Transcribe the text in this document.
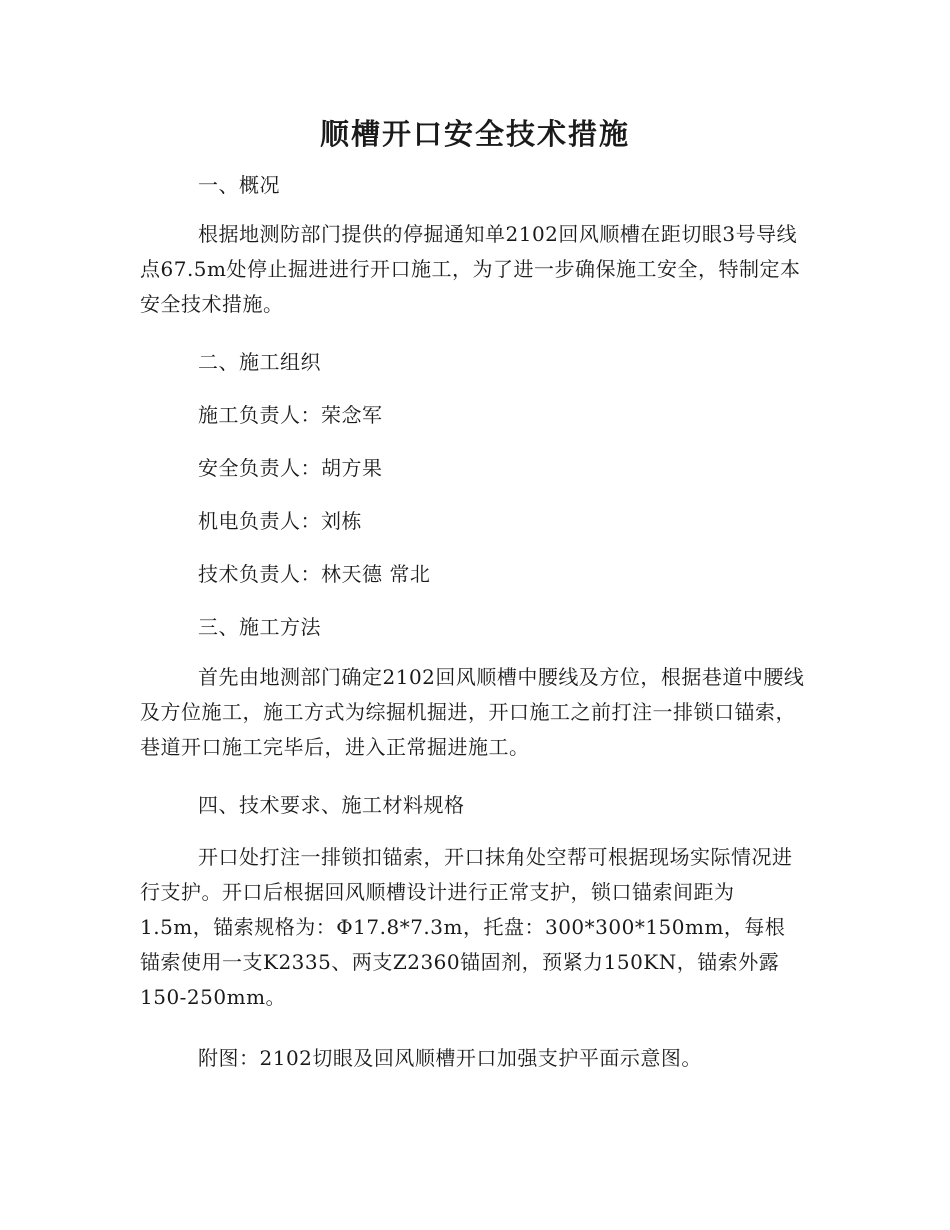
顺槽开口安全技术措施

一、概况

根据地测防部门提供的停掘通知单2102回风顺槽在距切眼3号导线点67.5m处停止掘进进行开口施工，为了进一步确保施工安全，特制定本安全技术措施。

二、施工组织

施工负责人：荣念军

安全负责人：胡方果

机电负责人：刘栋

技术负责人：林天德 常北

三、施工方法

首先由地测部门确定2102回风顺槽中腰线及方位，根据巷道中腰线及方位施工，施工方式为综掘机掘进，开口施工之前打注一排锁口锚索，巷道开口施工完毕后，进入正常掘进施工。

四、技术要求、施工材料规格

开口处打注一排锁扣锚索，开口抹角处空帮可根据现场实际情况进行支护。开口后根据回风顺槽设计进行正常支护，锁口锚索间距为1.5m，锚索规格为：Φ17.8*7.3m，托盘：300*300*150mm，每根锚索使用一支K2335、两支Z2360锚固剂，预紧力150KN，锚索外露150-250mm。

附图：2102切眼及回风顺槽开口加强支护平面示意图。
